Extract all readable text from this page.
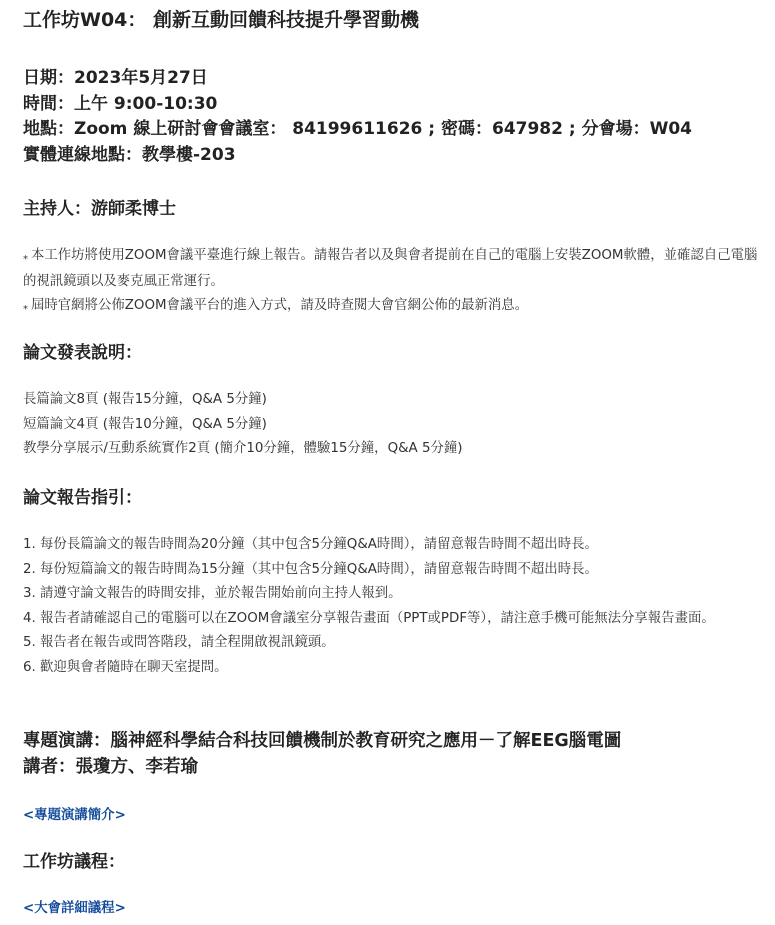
工作坊W04： 創新互動回饋科技提升學習動機
日期：2023年5月27日
時間：上午 9:00-10:30
地點：Zoom 線上研討會會議室： 84199611626 ; 密碼：647982 ; 分會場：W04
實體連線地點：教學樓-203
主持人：游師柔博士

⁎ 本工作坊將使用ZOOM會議平臺進行線上報告。請報告者以及與會者提前在自己的電腦上安裝ZOOM軟體，並確認自己電腦的視訊鏡頭以及麥克風正常運行。

⁎ 屆時官網將公佈ZOOM會議平台的進入方式，請及時查閱大會官網公佈的最新消息。

論文發表說明：
長篇論文8頁 (報告15分鐘，Q&A 5分鐘)
短篇論文4頁 (報告10分鐘，Q&A 5分鐘)
教學分享展示/互動系統實作2頁 (簡介10分鐘，體驗15分鐘，Q&A 5分鐘)
論文報告指引：
1. 每份長篇論文的報告時間為20分鐘（其中包含5分鐘Q&A時間），請留意報告時間不超出時長。
2. 每份短篇論文的報告時間為15分鐘（其中包含5分鐘Q&A時間），請留意報告時間不超出時長。
3. 請遵守論文報告的時間安排，並於報告開始前向主持人報到。
4. 報告者請確認自己的電腦可以在ZOOM會議室分享報告畫面（PPT或PDF等），請注意手機可能無法分享報告畫面。
5. 報告者在報告或問答階段，請全程開啟視訊鏡頭。
6. 歡迎與會者隨時在聊天室提問。
專題演講：腦神經科學結合科技回饋機制於教育研究之應用－了解EEG腦電圖
講者：張瓊方、李若瑜
<專題演講簡介>
工作坊議程：
<大會詳細議程>
